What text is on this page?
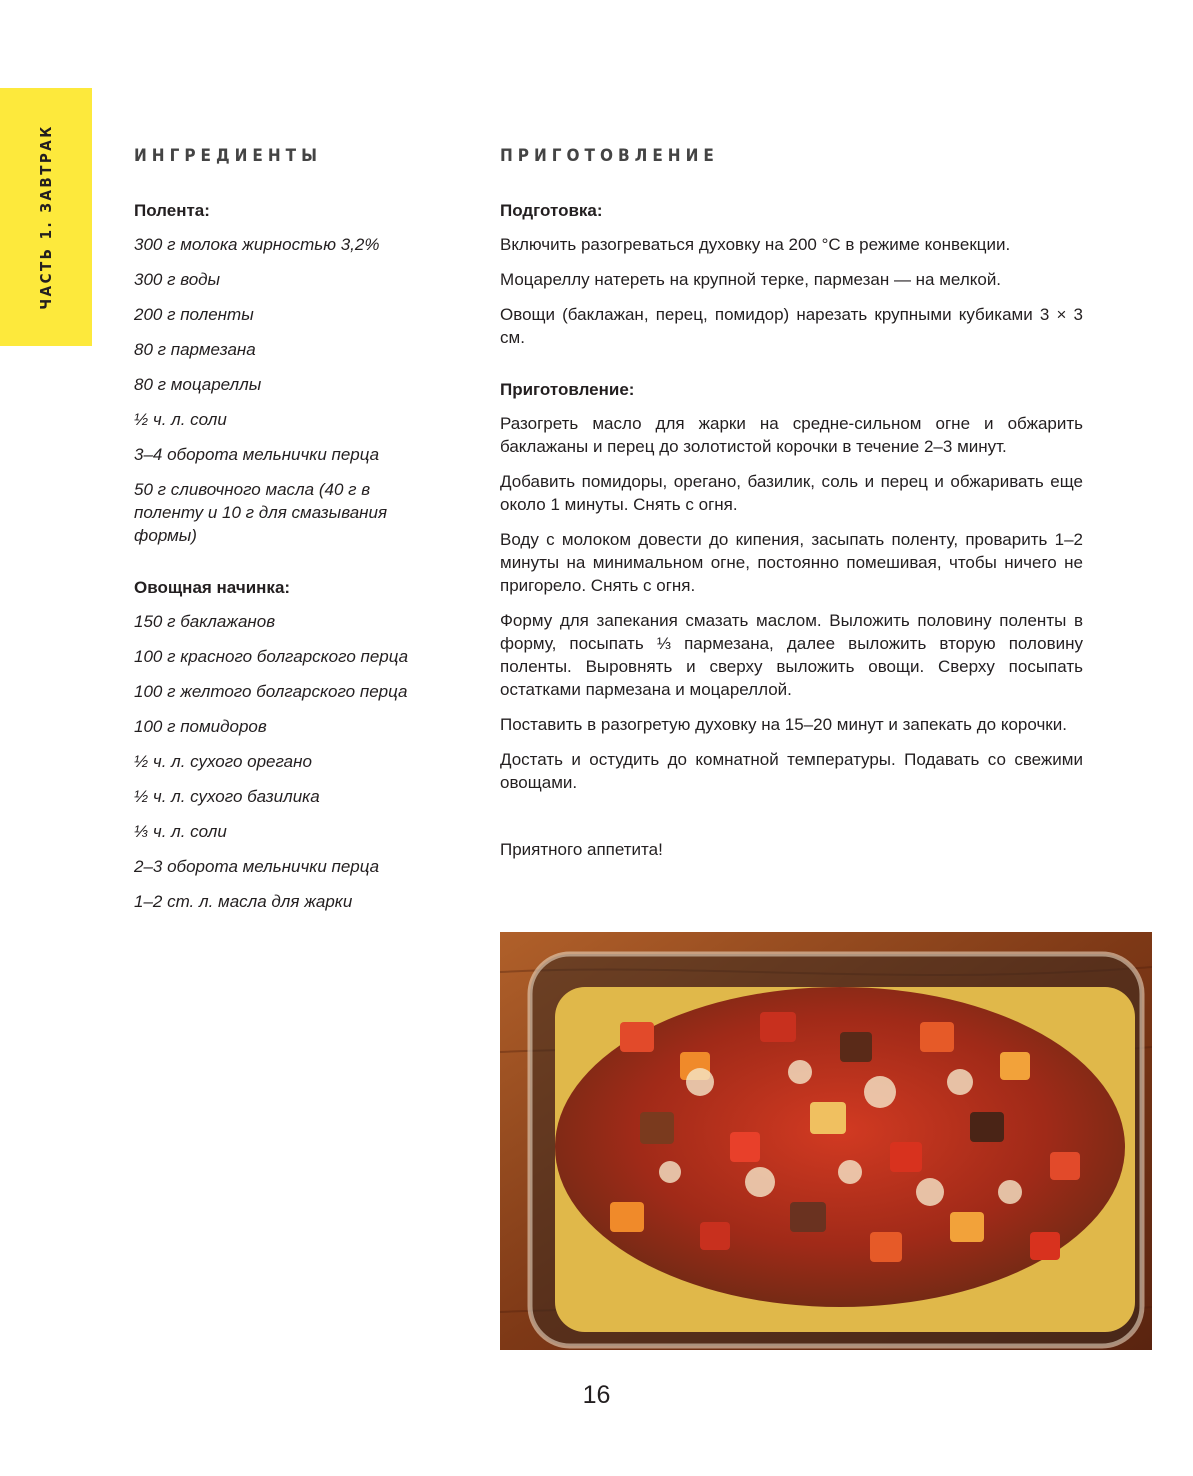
ЧАСТЬ 1. ЗАВТРАК	ИНГРЕДИЕНТЫ	ПРИГОТОВЛЕНИЕ
Полента:
300 г молока жирностью 3,2%
300 г воды
200 г поленты
80 г пармезана
80 г моцареллы
½ ч. л. соли
3–4 оборота мельнички перца
50 г сливочного масла (40 г в поленту и 10 г для смазывания формы)
Овощная начинка:
150 г баклажанов
100 г красного болгарского перца
100 г желтого болгарского перца
100 г помидоров
½ ч. л. сухого орегано
½ ч. л. сухого базилика
⅓ ч. л. соли
2–3 оборота мельнички перца
1–2 ст. л. масла для жарки
Подготовка:

Включить разогреваться духовку на 200 °С в режиме конвекции.

Моцареллу натереть на крупной терке, пармезан — на мелкой.

Овощи (баклажан, перец, помидор) нарезать крупными кубиками 3 × 3 см.

Приготовление:

Разогреть масло для жарки на средне-сильном огне и обжарить баклажаны и перец до золотистой корочки в течение 2–3 минут.

Добавить помидоры, орегано, базилик, соль и перец и обжаривать еще около 1 минуты. Снять с огня.

Воду с молоком довести до кипения, засыпать поленту, проварить 1–2 минуты на минимальном огне, постоянно помешивая, чтобы ничего не пригорело. Снять с огня.

Форму для запекания смазать маслом. Выложить половину поленты в форму, посыпать ⅓ пармезана, далее выложить вторую половину поленты. Выровнять и сверху выложить овощи. Сверху посыпать остатками пармезана и моцареллой.

Поставить в разогретую духовку на 15–20 минут и запекать до корочки.

Достать и остудить до комнатной температуры. Подавать со свежими овощами.

Приятного аппетита!

16
